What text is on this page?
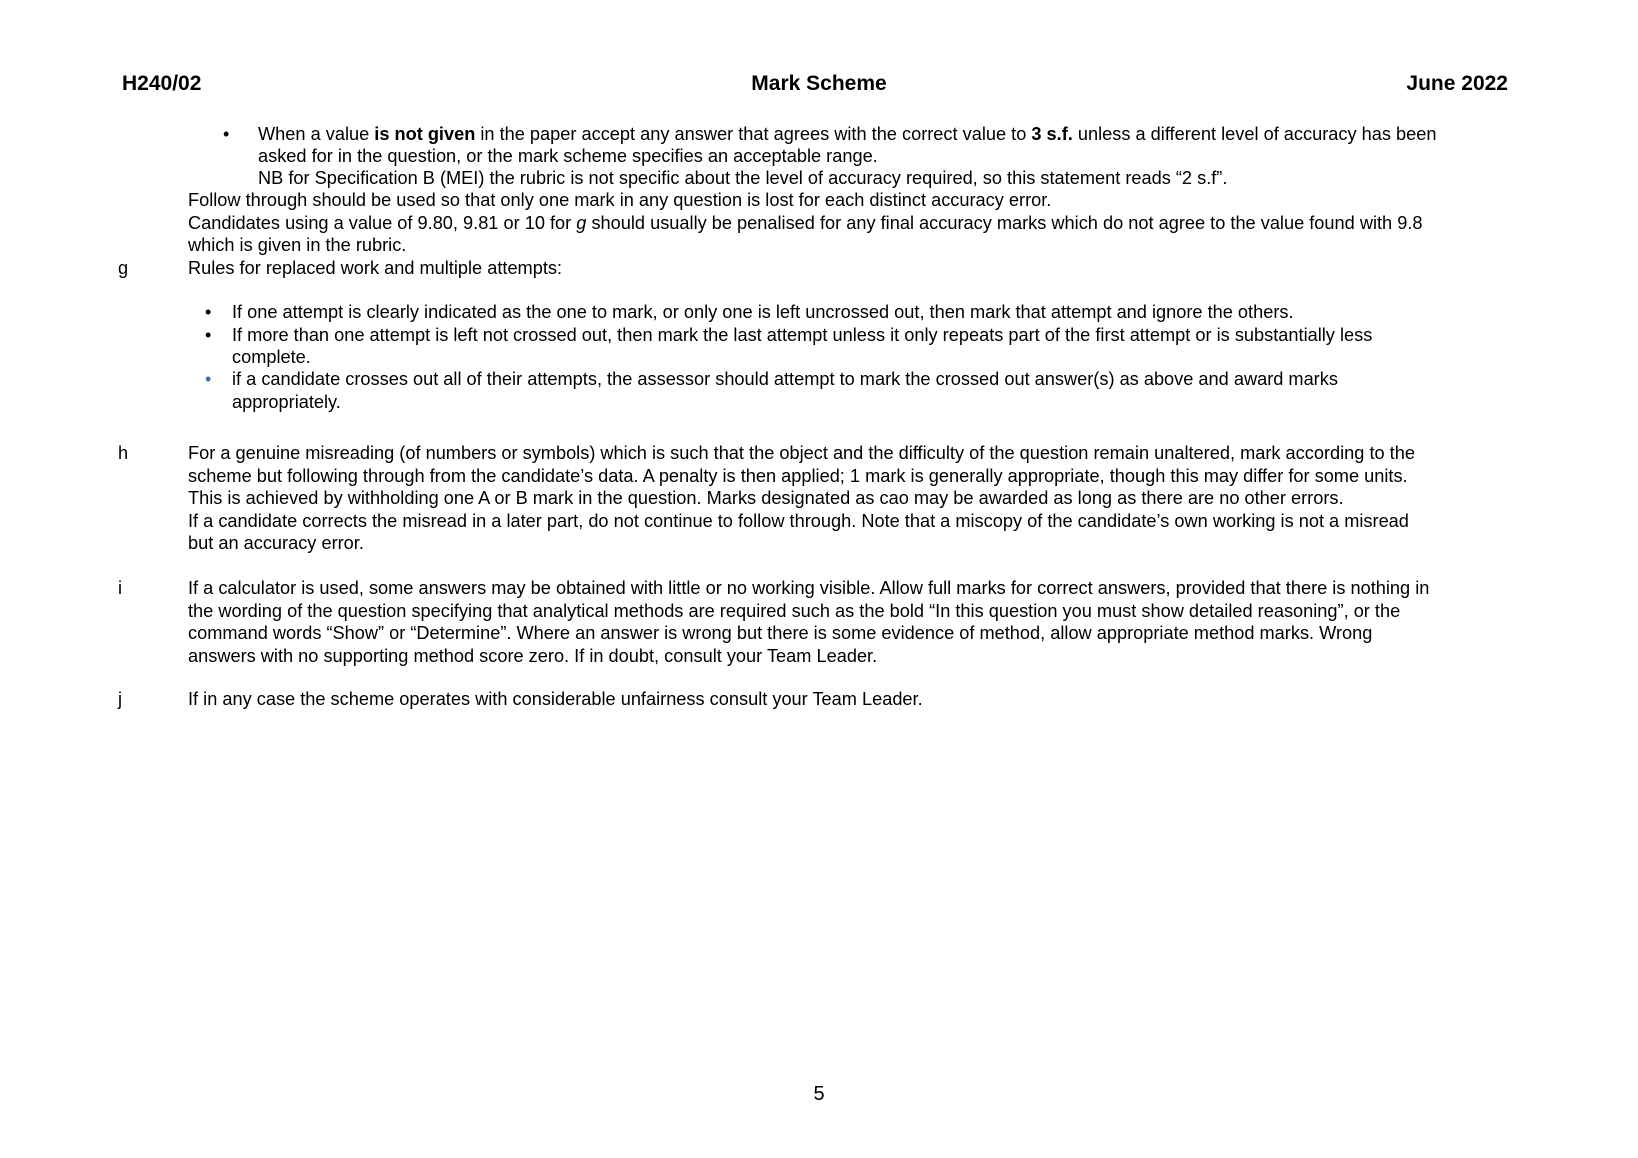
H240/02	Mark Scheme	June 2022
• When a value is not given in the paper accept any answer that agrees with the correct value to 3 s.f. unless a different level of accuracy has been
asked for in the question, or the mark scheme specifies an acceptable range.
NB for Specification B (MEI) the rubric is not specific about the level of accuracy required, so this statement reads “2 s.f”.
Follow through should be used so that only one mark in any question is lost for each distinct accuracy error.
Candidates using a value of 9.80, 9.81 or 10 for g should usually be penalised for any final accuracy marks which do not agree to the value found with 9.8
which is given in the rubric.
g	Rules for replaced work and multiple attempts:
• If one attempt is clearly indicated as the one to mark, or only one is left uncrossed out, then mark that attempt and ignore the others.
• If more than one attempt is left not crossed out, then mark the last attempt unless it only repeats part of the first attempt or is substantially less
complete.
• if a candidate crosses out all of their attempts, the assessor should attempt to mark the crossed out answer(s) as above and award marks
appropriately.
h	For a genuine misreading (of numbers or symbols) which is such that the object and the difficulty of the question remain unaltered, mark according to the
scheme but following through from the candidate’s data. A penalty is then applied; 1 mark is generally appropriate, though this may differ for some units.
This is achieved by withholding one A or B mark in the question. Marks designated as cao may be awarded as long as there are no other errors.
If a candidate corrects the misread in a later part, do not continue to follow through. Note that a miscopy of the candidate’s own working is not a misread
but an accuracy error.
i	If a calculator is used, some answers may be obtained with little or no working visible. Allow full marks for correct answers, provided that there is nothing in
the wording of the question specifying that analytical methods are required such as the bold “In this question you must show detailed reasoning”, or the
command words “Show” or “Determine”. Where an answer is wrong but there is some evidence of method, allow appropriate method marks. Wrong
answers with no supporting method score zero. If in doubt, consult your Team Leader.
j	If in any case the scheme operates with considerable unfairness consult your Team Leader.
5
